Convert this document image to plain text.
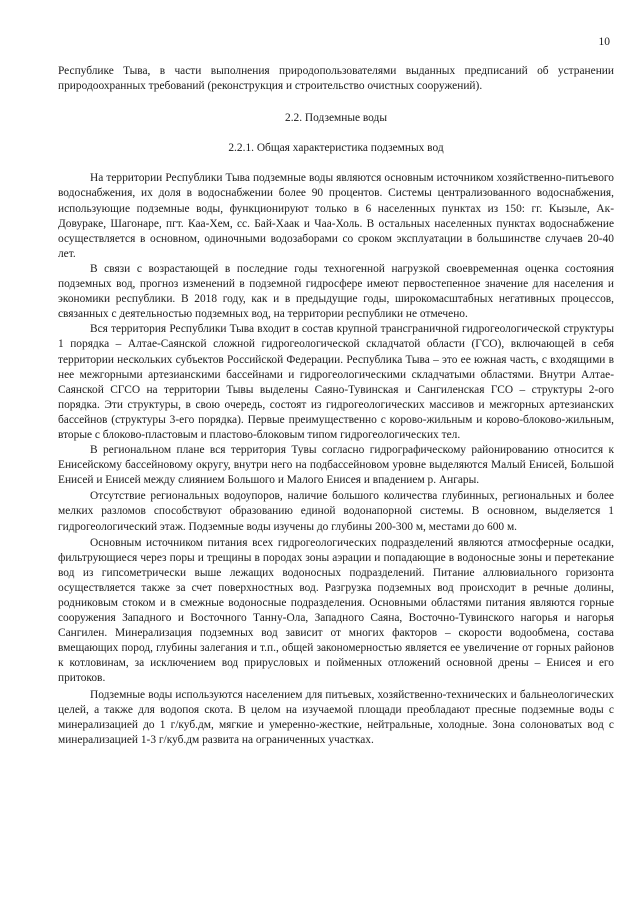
10

Республике Тыва, в части выполнения природопользователями выданных предписаний об устранении природоохранных требований (реконструкция и строительство очистных сооружений).

2.2. Подземные воды

2.2.1. Общая характеристика подземных вод

На территории Республики Тыва подземные воды являются основным источником хозяйственно-питьевого водоснабжения, их доля в водоснабжении более 90 процентов. Системы централизованного водоснабжения, использующие подземные воды, функционируют только в 6 населенных пунктах из 150: гг. Кызыле, Ак-Довураке, Шагонаре, пгт. Каа-Хем, сс. Бай-Хаак и Чаа-Холь. В остальных населенных пунктах водоснабжение осуществляется в основном, одиночными водозаборами со сроком эксплуатации в большинстве случаев 20-40 лет.

В связи с возрастающей в последние годы техногенной нагрузкой своевременная оценка состояния подземных вод, прогноз изменений в подземной гидросфере имеют первостепенное значение для населения и экономики республики. В 2018 году, как и в предыдущие годы, широкомасштабных негативных процессов, связанных с деятельностью подземных вод, на территории республики не отмечено.

Вся территория Республики Тыва входит в состав крупной трансграничной гидрогеологической структуры 1 порядка – Алтае-Саянской сложной гидрогеологической складчатой области (ГСО), включающей в себя территории нескольких субъектов Российской Федерации. Республика Тыва – это ее южная часть, с входящими в нее межгорными артезианскими бассейнами и гидрогеологическими складчатыми областями. Внутри Алтае-Саянской СГСО на территории Тывы выделены Саяно-Тувинская и Сангиленская ГСО – структуры 2-ого порядка. Эти структуры, в свою очередь, состоят из гидрогеологических массивов и межгорных артезианских бассейнов (структуры 3-его порядка). Первые преимущественно с корово-жильным и корово-блоково-жильным, вторые с блоково-пластовым и пластово-блоковым типом гидрогеологических тел.

В региональном плане вся территория Тувы согласно гидрографическому районированию относится к Енисейскому бассейновому округу, внутри него на подбассейновом уровне выделяются Малый Енисей, Большой Енисей и Енисей между слиянием Большого и Малого Енисея и впадением р. Ангары.

Отсутствие региональных водоупоров, наличие большого количества глубинных, региональных и более мелких разломов способствуют образованию единой водонапорной системы. В основном, выделяется 1 гидрогеологический этаж. Подземные воды изучены до глубины 200-300 м, местами до 600 м.

Основным источником питания всех гидрогеологических подразделений являются атмосферные осадки, фильтрующиеся через поры и трещины в породах зоны аэрации и попадающие в водоносные зоны и перетекание вод из гипсометрически выше лежащих водоносных подразделений. Питание аллювиального горизонта осуществляется также за счет поверхностных вод. Разгрузка подземных вод происходит в речные долины, родниковым стоком и в смежные водоносные подразделения. Основными областями питания являются горные сооружения Западного и Восточного Танну-Ола, Западного Саяна, Восточно-Тувинского нагорья и нагорья Сангилен. Минерализация подземных вод зависит от многих факторов – скорости водообмена, состава вмещающих пород, глубины залегания и т.п., общей закономерностью является ее увеличение от горных районов к котловинам, за исключением вод прирусловых и пойменных отложений основной дрены – Енисея и его притоков.

Подземные воды используются населением для питьевых, хозяйственно-технических и бальнеологических целей, а также для водопоя скота. В целом на изучаемой площади преобладают пресные подземные воды с минерализацией до 1 г/куб.дм, мягкие и умеренно-жесткие, нейтральные, холодные. Зона солоноватых вод с минерализацией 1-3 г/куб.дм развита на ограниченных участках.
